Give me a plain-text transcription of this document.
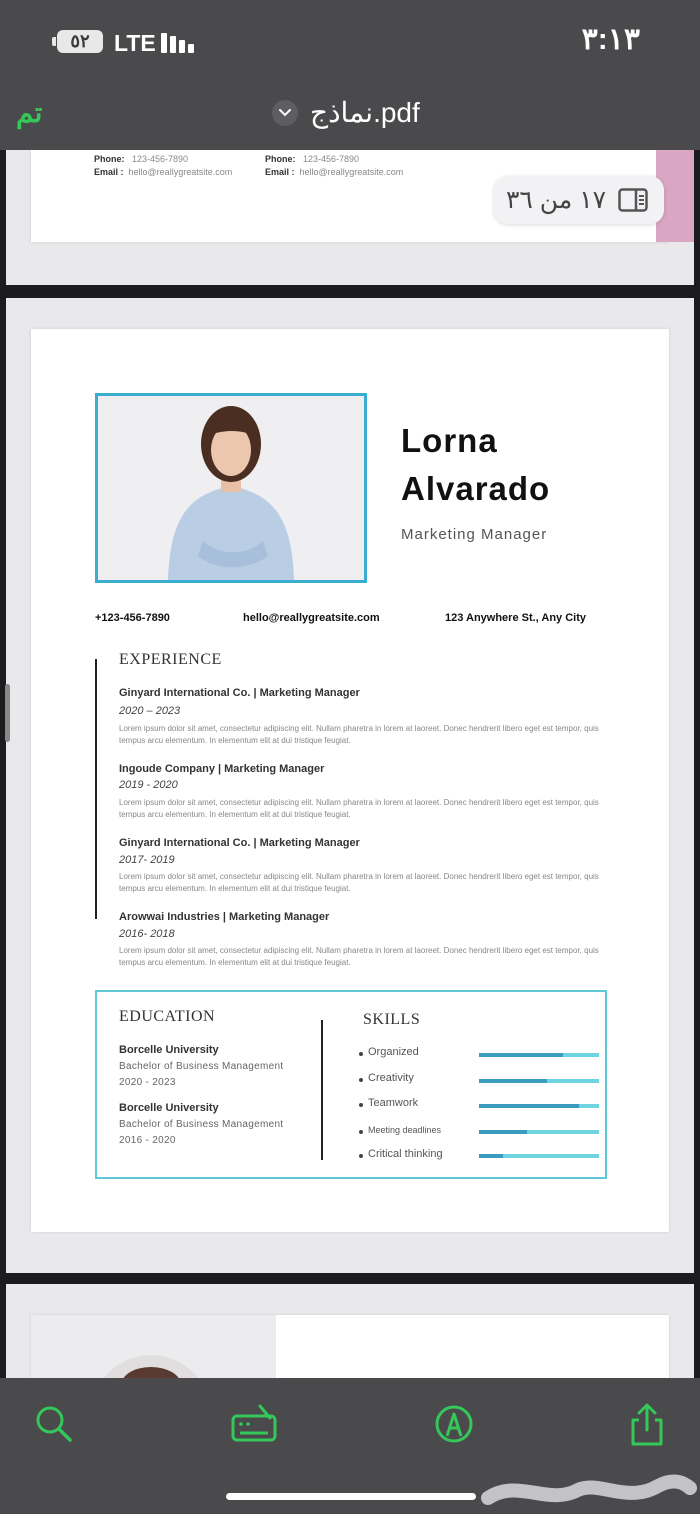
٥٢	LTE	٣:١٣
تم	نماذج.pdf
Phone: 123-456-7890
Email : hello@reallygreatsite.com
Phone: 123-456-7890
Email : hello@reallygreatsite.com
Lorna
Alvarado
Marketing Manager
+123-456-7890	hello@reallygreatsite.com	123 Anywhere St., Any City
EXPERIENCE
Ginyard International Co. | Marketing Manager
2020 – 2023
Lorem ipsum dolor sit amet, consectetur adipiscing elit. Nullam pharetra in lorem at laoreet. Donec hendrerit libero eget est tempor, quis tempus arcu elementum. In elementum elit at dui tristique feugiat.
Ingoude Company | Marketing Manager
2019 - 2020
Lorem ipsum dolor sit amet, consectetur adipiscing elit. Nullam pharetra in lorem at laoreet. Donec hendrerit libero eget est tempor, quis tempus arcu elementum. In elementum elit at dui tristique feugiat.
Ginyard International Co. | Marketing Manager
2017- 2019
Lorem ipsum dolor sit amet, consectetur adipiscing elit. Nullam pharetra in lorem at laoreet. Donec hendrerit libero eget est tempor, quis tempus arcu elementum. In elementum elit at dui tristique feugiat.
Arowwai Industries | Marketing Manager
2016- 2018
Lorem ipsum dolor sit amet, consectetur adipiscing elit. Nullam pharetra in lorem at laoreet. Donec hendrerit libero eget est tempor, quis tempus arcu elementum. In elementum elit at dui tristique feugiat.
EDUCATION
Borcelle University
Bachelor of Business Management
2020 - 2023
Borcelle University
Bachelor of Business Management
2016 - 2020
SKILLS
Organized
Creativity
Teamwork
Meeting deadlines
Critical thinking
١٧ من ٣٦
